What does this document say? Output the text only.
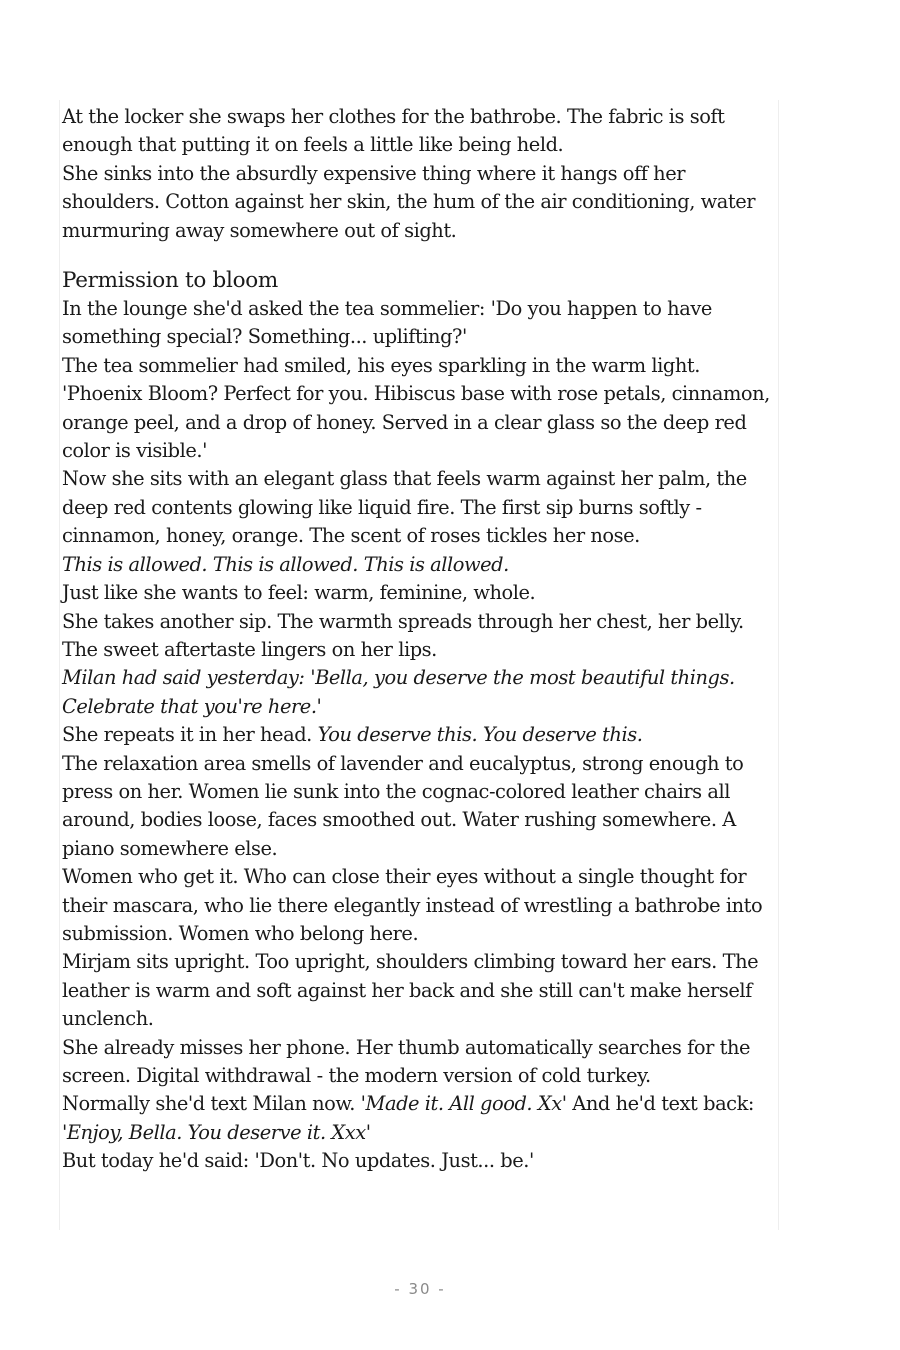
At the locker she swaps her clothes for the bathrobe. The fabric is soft enough that putting it on feels a little like being held.

She sinks into the absurdly expensive thing where it hangs off her shoulders. Cotton against her skin, the hum of the air conditioning, water murmuring away somewhere out of sight.

Permission to bloom

In the lounge she'd asked the tea sommelier: 'Do you happen to have something special? Something... uplifting?'

The tea sommelier had smiled, his eyes sparkling in the warm light. 'Phoenix Bloom? Perfect for you. Hibiscus base with rose petals, cinnamon, orange peel, and a drop of honey. Served in a clear glass so the deep red color is visible.'

Now she sits with an elegant glass that feels warm against her palm, the deep red contents glowing like liquid fire. The first sip burns softly - cinnamon, honey, orange. The scent of roses tickles her nose.

This is allowed. This is allowed. This is allowed.

Just like she wants to feel: warm, feminine, whole.

She takes another sip. The warmth spreads through her chest, her belly. The sweet aftertaste lingers on her lips.

Milan had said yesterday: 'Bella, you deserve the most beautiful things. Celebrate that you're here.'

She repeats it in her head. You deserve this. You deserve this.

The relaxation area smells of lavender and eucalyptus, strong enough to press on her. Women lie sunk into the cognac-colored leather chairs all around, bodies loose, faces smoothed out. Water rushing somewhere. A piano somewhere else.

Women who get it. Who can close their eyes without a single thought for their mascara, who lie there elegantly instead of wrestling a bathrobe into submission. Women who belong here.

Mirjam sits upright. Too upright, shoulders climbing toward her ears. The leather is warm and soft against her back and she still can't make herself unclench.

She already misses her phone. Her thumb automatically searches for the screen. Digital withdrawal - the modern version of cold turkey.

Normally she'd text Milan now. 'Made it. All good. Xx' And he'd text back: 'Enjoy, Bella. You deserve it. Xxx'

But today he'd said: 'Don't. No updates. Just... be.'

- 30 -
